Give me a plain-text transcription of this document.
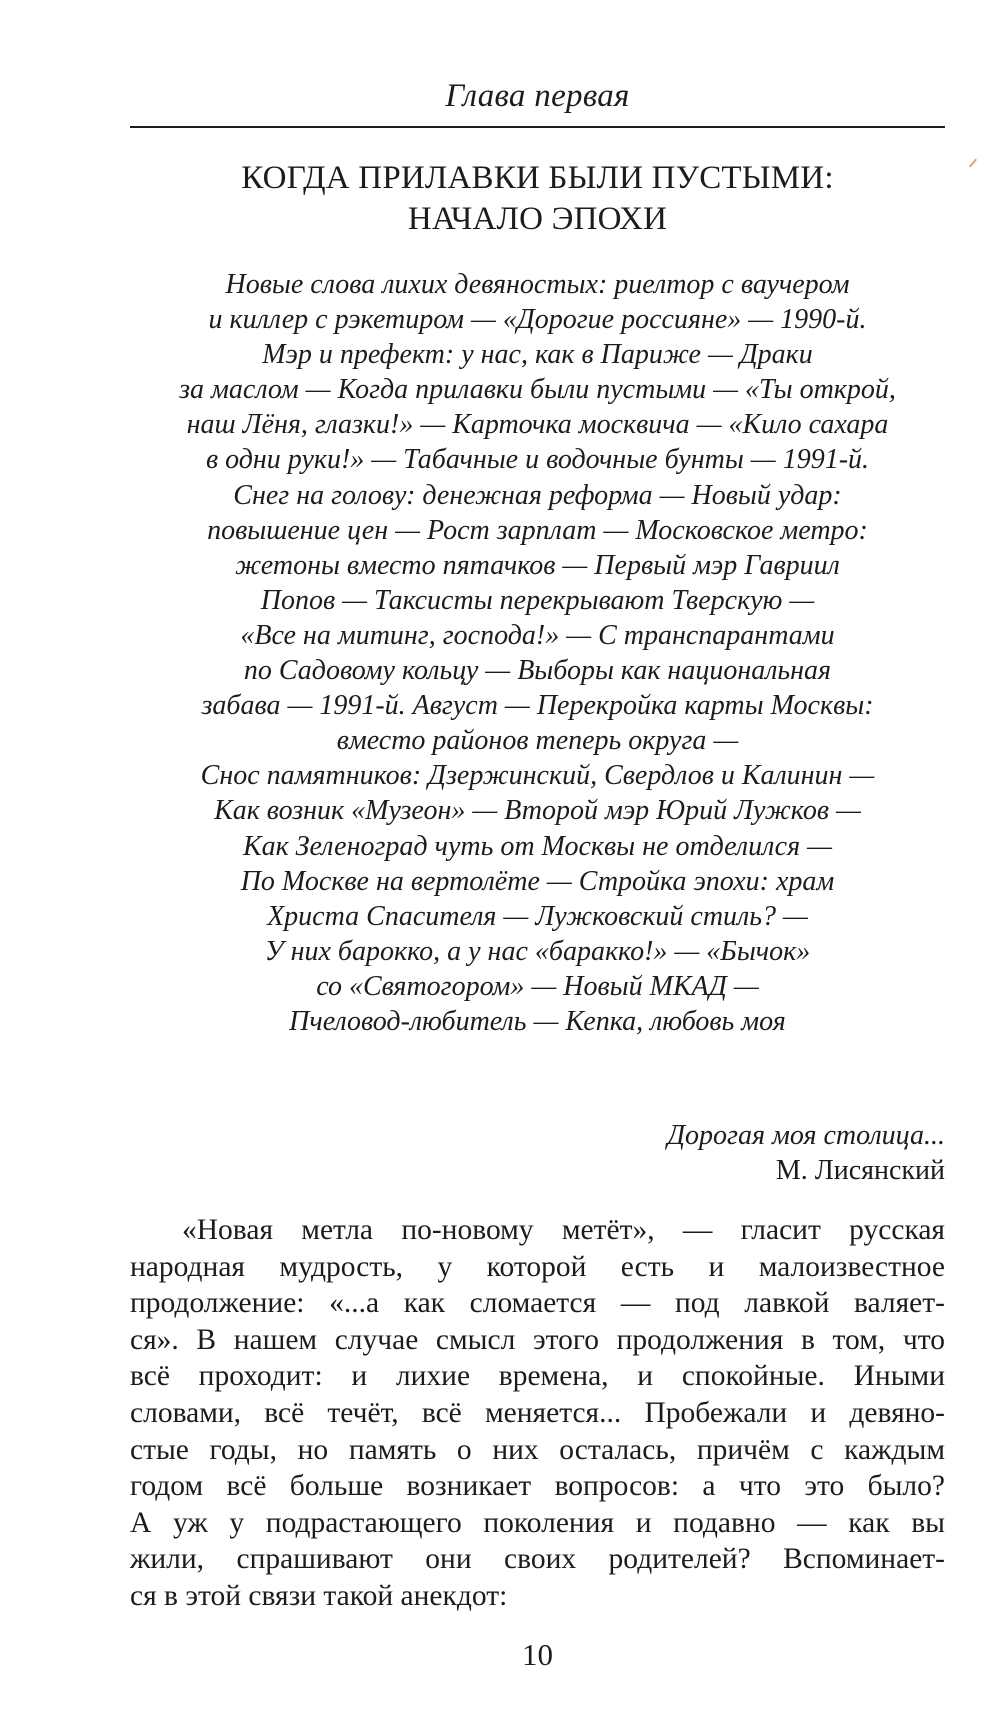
Глава первая
КОГДА ПРИЛАВКИ БЫЛИ ПУСТЫМИ:
НАЧАЛО ЭПОХИ
Новые слова лихих девяностых: риелтор с ваучером
и киллер с рэкетиром — «Дорогие россияне» — 1990-й.
Мэр и префект: у нас, как в Париже — Драки
за маслом — Когда прилавки были пустыми — «Ты открой,
наш Лёня, глазки!» — Карточка москвича — «Кило сахара
в одни руки!» — Табачные и водочные бунты — 1991-й.
Снег на голову: денежная реформа — Новый удар:
повышение цен — Рост зарплат — Московское метро:
жетоны вместо пятачков — Первый мэр Гавриил
Попов — Таксисты перекрывают Тверскую —
«Все на митинг, господа!» — С транспарантами
по Садовому кольцу — Выборы как национальная
забава — 1991-й. Август — Перекройка карты Москвы:
вместо районов теперь округа —
Снос памятников: Дзержинский, Свердлов и Калинин —
Как возник «Музеон» — Второй мэр Юрий Лужков —
Как Зеленоград чуть от Москвы не отделился —
По Москве на вертолёте — Стройка эпохи: храм
Христа Спасителя — Лужковский стиль? —
У них барокко, а у нас «баракко!» — «Бычок»
со «Святогором» — Новый МКАД —
Пчеловод-любитель — Кепка, любовь моя
Дорогая моя столица...
М. Лисянский
«Новая метла по-новому метёт», — гласит русская
народная мудрость, у которой есть и малоизвестное
продолжение: «...а как сломается — под лавкой валяет-
ся». В нашем случае смысл этого продолжения в том, что
всё проходит: и лихие времена, и спокойные. Иными
словами, всё течёт, всё меняется... Пробежали и девяно-
стые годы, но память о них осталась, причём с каждым
годом всё больше возникает вопросов: а что это было?
А уж у подрастающего поколения и подавно — как вы
жили, спрашивают они своих родителей? Вспоминает-
ся в этой связи такой анекдот:
10
